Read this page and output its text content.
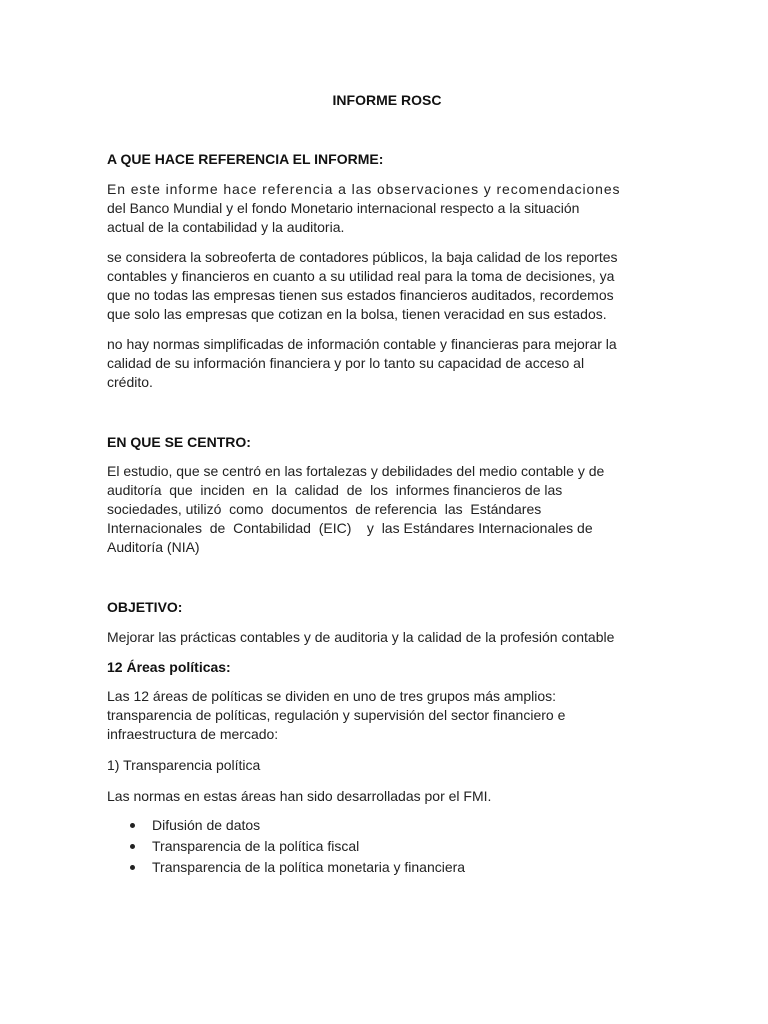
INFORME ROSC
A QUE HACE REFERENCIA EL INFORME:
En este informe hace referencia a las observaciones y recomendaciones
del Banco Mundial y el fondo Monetario internacional respecto a la situación
actual de la contabilidad y la auditoria.
se considera la sobreoferta de contadores públicos, la baja calidad de los reportes
contables y financieros en cuanto a su utilidad real para la toma de decisiones, ya
que no todas las empresas tienen sus estados financieros auditados, recordemos
que solo las empresas que cotizan en la bolsa, tienen veracidad en sus estados.
no hay normas simplificadas de información contable y financieras para mejorar la
calidad de su información financiera y por lo tanto su capacidad de acceso al
crédito.
EN QUE SE CENTRO:
El estudio, que se centró en las fortalezas y debilidades del medio contable y de
auditoría  que  inciden  en  la  calidad  de  los  informes financieros de las
sociedades, utilizó  como  documentos  de referencia  las  Estándares
Internacionales  de  Contabilidad  (EIC)    y  las Estándares Internacionales de
Auditoría (NIA)
OBJETIVO:
Mejorar las prácticas contables y de auditoria y la calidad de la profesión contable
12 Áreas políticas:
Las 12 áreas de políticas se dividen en uno de tres grupos más amplios:
transparencia de políticas, regulación y supervisión del sector financiero e
infraestructura de mercado:
1) Transparencia política
Las normas en estas áreas han sido desarrolladas por el FMI.
Difusión de datos
Transparencia de la política fiscal
Transparencia de la política monetaria y financiera
